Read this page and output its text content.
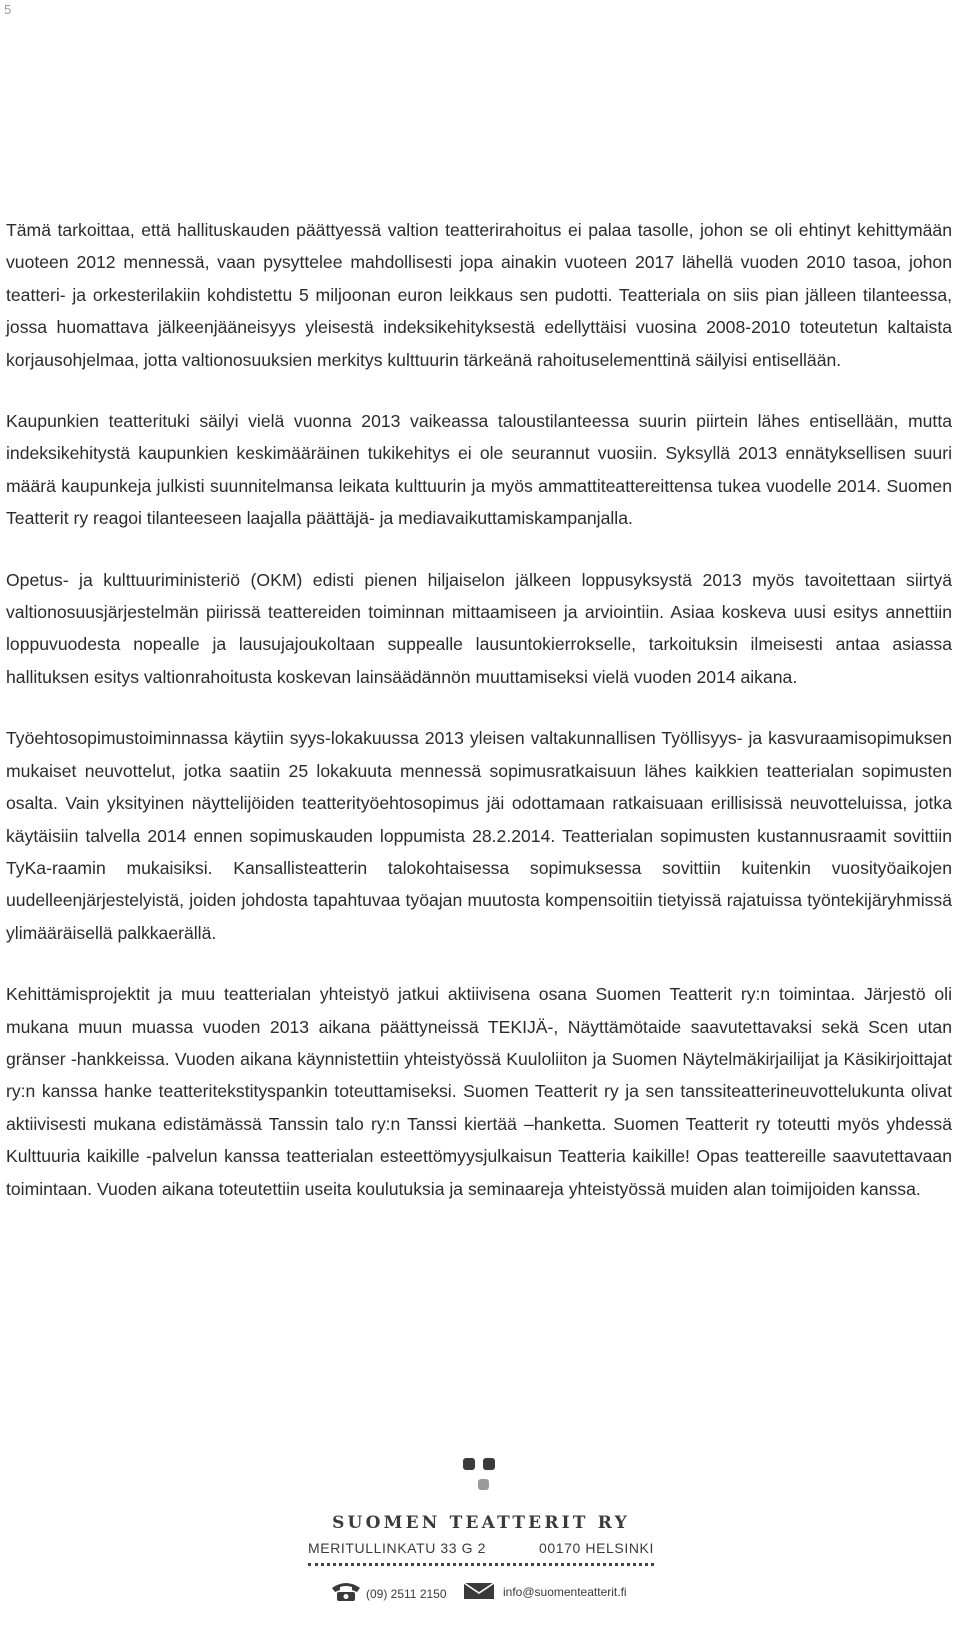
5

Tämä tarkoittaa, että hallituskauden päättyessä valtion teatterirahoitus ei palaa tasolle, johon se oli ehtinyt kehittymään vuoteen 2012 mennessä, vaan pysyttelee mahdollisesti jopa ainakin vuoteen 2017 lähellä vuoden 2010 tasoa, johon teatteri- ja orkesterilakiin kohdistettu 5 miljoonan euron leikkaus sen pudotti. Teatteriala on siis pian jälleen tilanteessa, jossa huomattava jälkeenjääneisyys yleisestä indeksikehityksestä edellyttäisi vuosina 2008-2010 toteutetun kaltaista korjausohjelmaa, jotta valtionosuuksien merkitys kulttuurin tärkeänä rahoituselementtinä säilyisi entisellään.

Kaupunkien teatterituki säilyi vielä vuonna 2013 vaikeassa taloustilanteessa suurin piirtein lähes entisellään, mutta indeksikehitystä kaupunkien keskimääräinen tukikehitys ei ole seurannut vuosiin. Syksyllä 2013 ennätyksellisen suuri määrä kaupunkeja julkisti suunnitelmansa leikata kulttuurin ja myös ammattiteattereittensa tukea vuodelle 2014. Suomen Teatterit ry reagoi tilanteeseen laajalla päättäjä- ja mediavaikuttamiskampanjalla.

Opetus- ja kulttuuriministeriö (OKM) edisti pienen hiljaiselon jälkeen loppusyksystä 2013 myös tavoitettaan siirtyä valtionosuusjärjestelmän piirissä teattereiden toiminnan mittaamiseen ja arviointiin. Asiaa koskeva uusi esitys annettiin loppuvuodesta nopealle ja lausujajoukoltaan suppealle lausuntokierrokselle, tarkoituksin ilmeisesti antaa asiassa hallituksen esitys valtionrahoitusta koskevan lainsäädännön muuttamiseksi vielä vuoden 2014 aikana.

Työehtosopimustoiminnassa käytiin syys-lokakuussa 2013 yleisen valtakunnallisen Työllisyys- ja kasvuraamisopimuksen mukaiset neuvottelut, jotka saatiin 25 lokakuuta mennessä sopimusratkaisuun lähes kaikkien teatterialan sopimusten osalta. Vain yksityinen näyttelijöiden teatterityöehtosopimus jäi odottamaan ratkaisuaan erillisissä neuvotteluissa, jotka käytäisiin talvella 2014 ennen sopimuskauden loppumista 28.2.2014. Teatterialan sopimusten kustannusraamit sovittiin TyKa-raamin mukaisiksi. Kansallisteatterin talokohtaisessa sopimuksessa sovittiin kuitenkin vuosityöaikojen uudelleenjärjestelyistä, joiden johdosta tapahtuvaa työajan muutosta kompensoitiin tietyissä rajatuissa työntekijäryhmissä ylimääräisellä palkkaerällä.

Kehittämisprojektit ja muu teatterialan yhteistyö jatkui aktiivisena osana Suomen Teatterit ry:n toimintaa. Järjestö oli mukana muun muassa vuoden 2013 aikana päättyneissä TEKIJÄ-, Näyttämötaide saavutettavaksi sekä Scen utan gränser -hankkeissa. Vuoden aikana käynnistettiin yhteistyössä Kuuloliiton ja Suomen Näytelmäkirjailijat ja Käsikirjoittajat ry:n kanssa hanke teatteritekstityspankin toteuttamiseksi. Suomen Teatterit ry ja sen tanssiteatterineuvottelukunta olivat aktiivisesti mukana edistämässä Tanssin talo ry:n Tanssi kiertää –hanketta. Suomen Teatterit ry toteutti myös yhdessä Kulttuuria kaikille -palvelun kanssa teatterialan esteettömyysjulkaisun Teatteria kaikille! Opas teattereille saavutettavaan toimintaan. Vuoden aikana toteutettiin useita koulutuksia ja seminaareja yhteistyössä muiden alan toimijoiden kanssa.

SUOMEN TEATTERIT RY
MERITULLINKATU 33 G 2	00170 HELSINKI
(09) 2511 2150	info@suomenteatterit.fi
